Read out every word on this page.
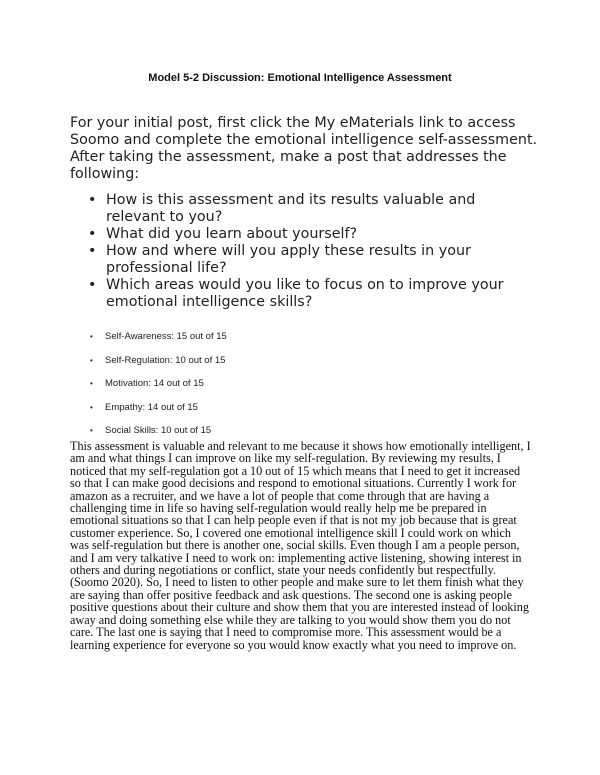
Model 5-2 Discussion: Emotional Intelligence Assessment

For your initial post, first click the My eMaterials link to access Soomo and complete the emotional intelligence self-assessment. After taking the assessment, make a post that addresses the following:

• How is this assessment and its results valuable and relevant to you?
• What did you learn about yourself?
• How and where will you apply these results in your professional life?
• Which areas would you like to focus on to improve your emotional intelligence skills?
• Self-Awareness: 15 out of 15
• Self-Regulation: 10 out of 15
• Motivation: 14 out of 15
• Empathy: 14 out of 15
• Social Skills: 10 out of 15

This assessment is valuable and relevant to me because it shows how emotionally intelligent, I am and what things I can improve on like my self-regulation. By reviewing my results, I noticed that my self-regulation got a 10 out of 15 which means that I need to get it increased so that I can make good decisions and respond to emotional situations. Currently I work for amazon as a recruiter, and we have a lot of people that come through that are having a challenging time in life so having self-regulation would really help me be prepared in emotional situations so that I can help people even if that is not my job because that is great customer experience. So, I covered one emotional intelligence skill I could work on which was self-regulation but there is another one, social skills. Even though I am a people person, and I am very talkative I need to work on: implementing active listening, showing interest in others and during negotiations or conflict, state your needs confidently but respectfully. (Soomo 2020). So, I need to listen to other people and make sure to let them finish what they are saying than offer positive feedback and ask questions. The second one is asking people positive questions about their culture and show them that you are interested instead of looking away and doing something else while they are talking to you would show them you do not care. The last one is saying that I need to compromise more. This assessment would be a learning experience for everyone so you would know exactly what you need to improve on.
